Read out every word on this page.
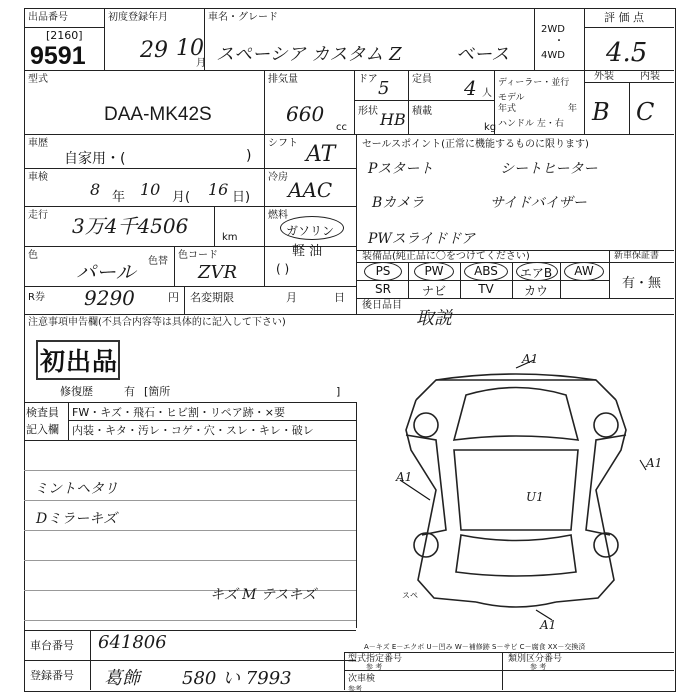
出品番号
[2160]
9591
初度登録年月
29 10
月
車名・グレード
スペーシア カスタム Z	ベース
2WD
・
4WD
評 価 点
4.5
型式
DAA-MK42S
排気量
660
cc
ドア 5
形状 HB
定員 4 人
積載
kg
ディーラー・並行
モデル
年式	年
ハンドル 左・右
外装	内装
B C
車歴
自家用・(	)
シフト AT
車検
8 年 10 月( 16 日)
冷房
AAC
走行 3万4千4506	km
燃料
ガソリン
軽 油
( )
色
パール 色替
色コード
ZVR
R券 9290	円 名変期限	月	日
セールスポイント(正常に機能するものに限ります)
Pスタート	シートヒーター
Bカメラ	サイドバイザー
PWスライドドア
装備品(純正品に〇をつけてください)	新車保証書
PS	PW	ABS	エアB	AW
SR	ナビ	TV	カウ	有・無
後日品目
取説
注意事項申告欄(不具合内容等は具体的に記入して下さい)
初出品
修復歴	有 [箇所	]
検査員
記入欄
FW・キズ・飛石・ヒビ割・リペア跡・×要
内装・キタ・汚レ・コゲ・穴・スレ・キレ・破レ
ミントヘタリ
Dミラーキズ
キズ M テスキズ
A1
A1
A1
U1
A1
スペ
A－キズ E－エクボ U－凹み W－補修跡 S－サビ C－腐食 XX－交換済
車台番号 641806
登録番号 葛飾 580 い 7993
型式指定番号
参 考
類別区分番号
参 考
次車検
参考
